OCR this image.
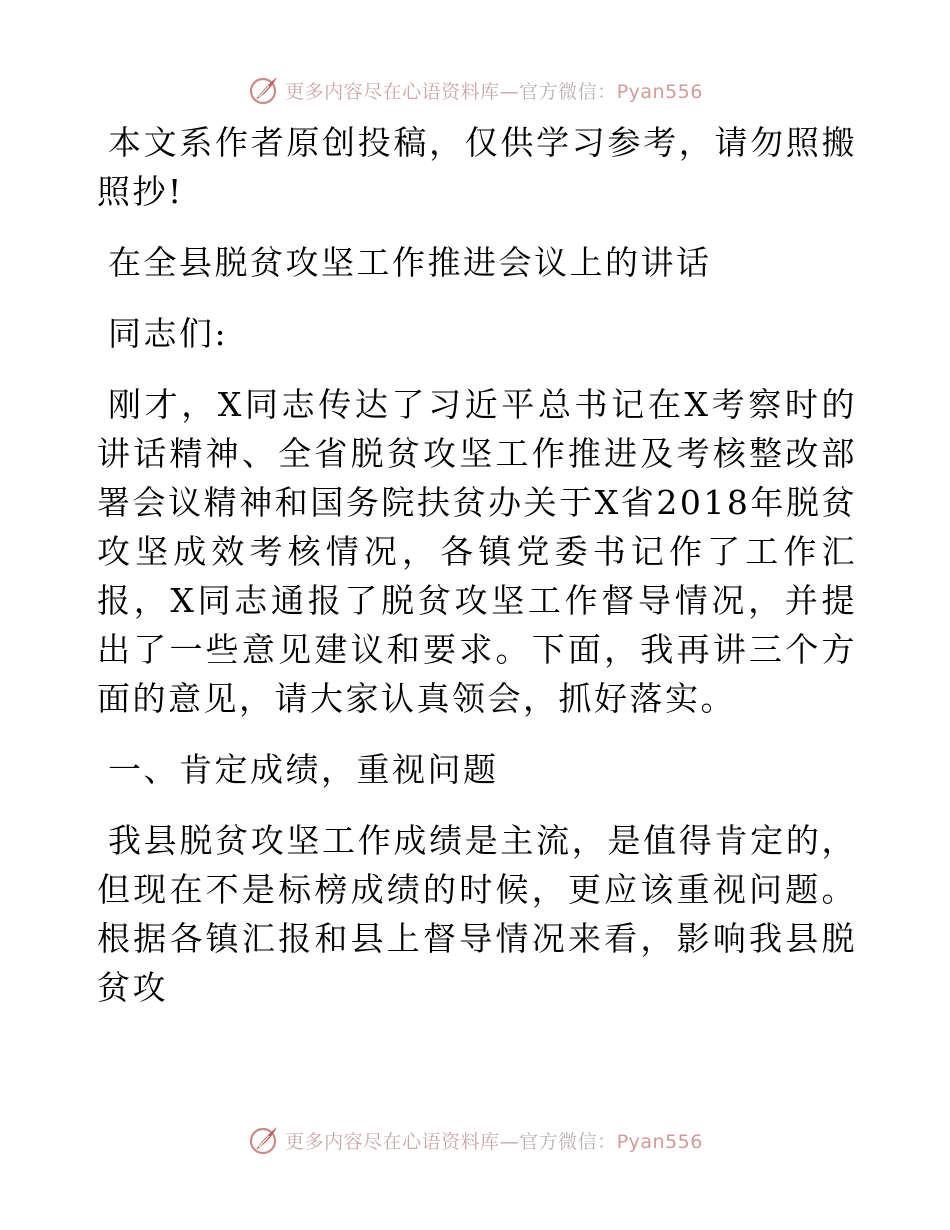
更多内容尽在心语资料库—官方微信：Pyan556

本文系作者原创投稿，仅供学习参考，请勿照搬照抄!

在全县脱贫攻坚工作推进会议上的讲话

同志们:

刚才，X同志传达了习近平总书记在X考察时的讲话精神、全省脱贫攻坚工作推进及考核整改部署会议精神和国务院扶贫办关于X省2018年脱贫攻坚成效考核情况，各镇党委书记作了工作汇报，X同志通报了脱贫攻坚工作督导情况，并提出了一些意见建议和要求。下面，我再讲三个方面的意见，请大家认真领会，抓好落实。

一、肯定成绩，重视问题

我县脱贫攻坚工作成绩是主流，是值得肯定的，但现在不是标榜成绩的时候，更应该重视问题。根据各镇汇报和县上督导情况来看，影响我县脱贫攻

更多内容尽在心语资料库—官方微信：Pyan556
